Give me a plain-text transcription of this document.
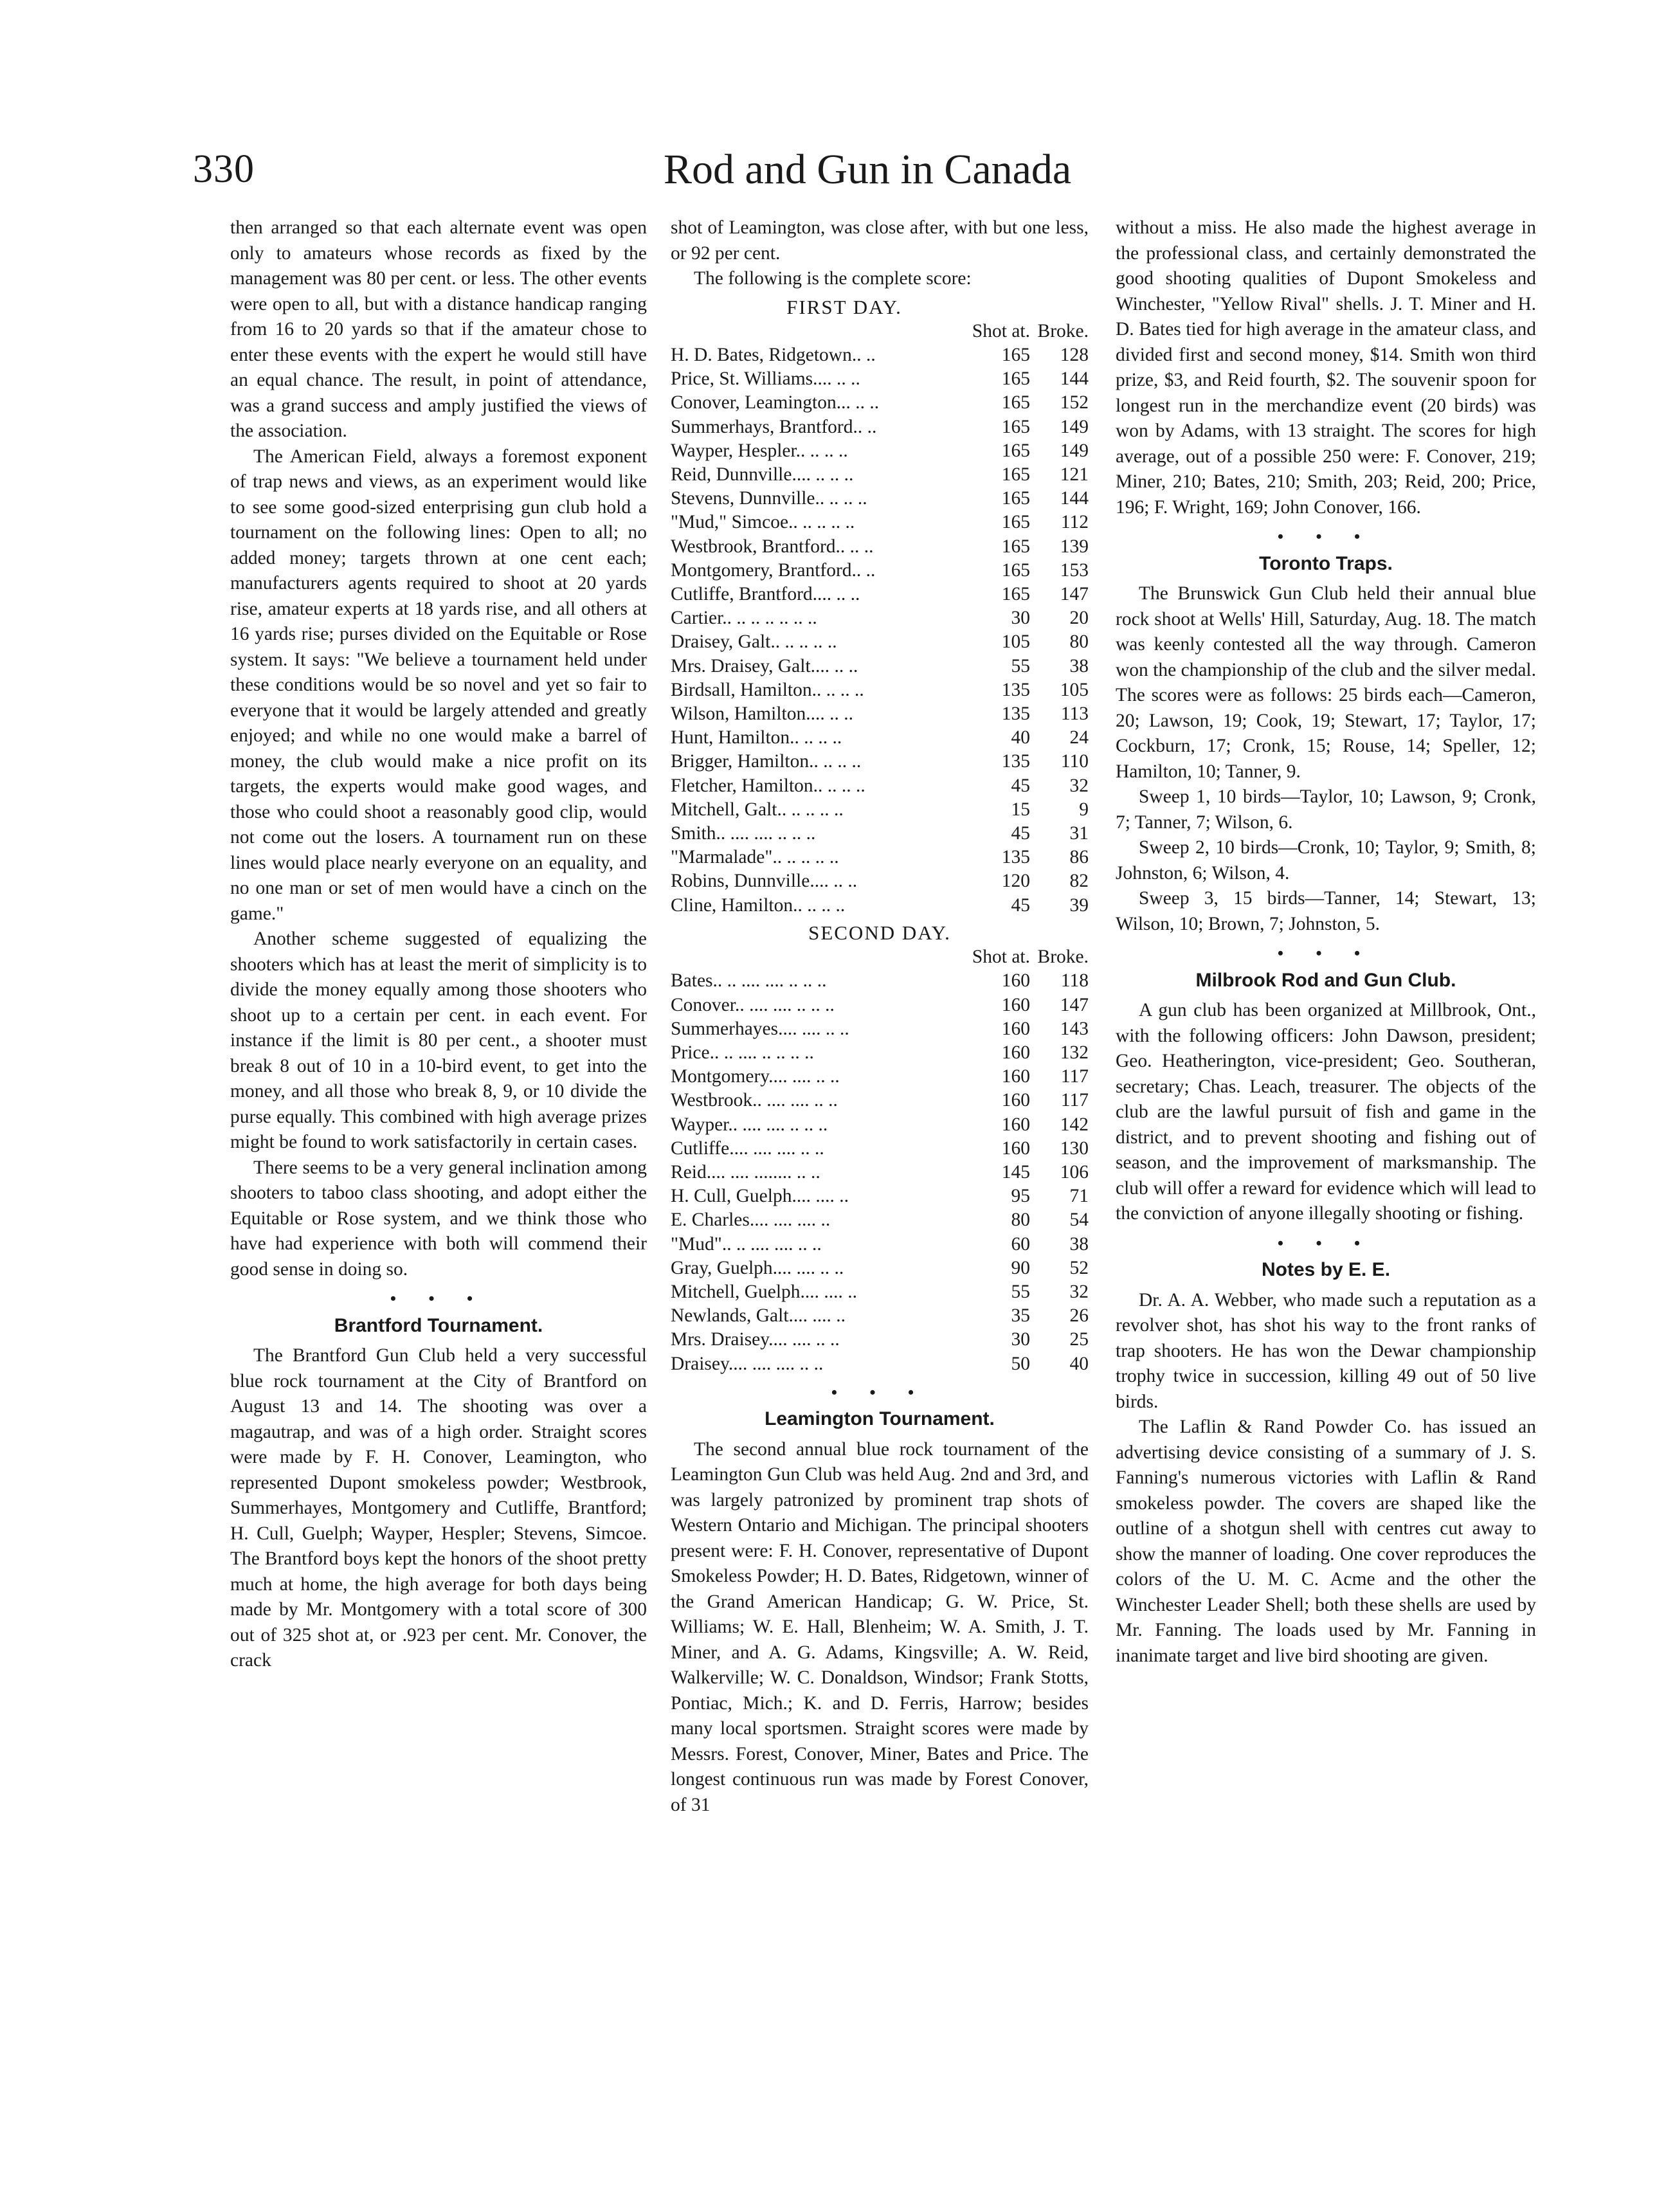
330	Rod and Gun in Canada

then arranged so that each alternate event was open only to amateurs whose records as fixed by the management was 80 per cent. or less. The other events were open to all, but with a distance handicap ranging from 16 to 20 yards so that if the amateur chose to enter these events with the expert he would still have an equal chance. The result, in point of attendance, was a grand success and amply justified the views of the association.

The American Field, always a foremost exponent of trap news and views, as an experiment would like to see some good-sized enterprising gun club hold a tournament on the following lines: Open to all; no added money; targets thrown at one cent each; manufacturers agents required to shoot at 20 yards rise, amateur experts at 18 yards rise, and all others at 16 yards rise; purses divided on the Equitable or Rose system. It says: "We believe a tournament held under these conditions would be so novel and yet so fair to everyone that it would be largely attended and greatly enjoyed; and while no one would make a barrel of money, the club would make a nice profit on its targets, the experts would make good wages, and those who could shoot a reasonably good clip, would not come out the losers. A tournament run on these lines would place nearly everyone on an equality, and no one man or set of men would have a cinch on the game."

Another scheme suggested of equalizing the shooters which has at least the merit of simplicity is to divide the money equally among those shooters who shoot up to a certain per cent. in each event. For instance if the limit is 80 per cent., a shooter must break 8 out of 10 in a 10-bird event, to get into the money, and all those who break 8, 9, or 10 divide the purse equally. This combined with high average prizes might be found to work satisfactorily in certain cases.

There seems to be a very general inclination among shooters to taboo class shooting, and adopt either the Equitable or Rose system, and we think those who have had experience with both will commend their good sense in doing so.

• • •
Brantford Tournament.

The Brantford Gun Club held a very successful blue rock tournament at the City of Brantford on August 13 and 14. The shooting was over a magautrap, and was of a high order. Straight scores were made by F. H. Conover, Leamington, who represented Dupont smokeless powder; Westbrook, Summerhayes, Montgomery and Cutliffe, Brantford; H. Cull, Guelph; Wayper, Hespler; Stevens, Simcoe. The Brantford boys kept the honors of the shoot pretty much at home, the high average for both days being made by Mr. Montgomery with a total score of 300 out of 325 shot at, or .923 per cent. Mr. Conover, the crack

shot of Leamington, was close after, with but one less, or 92 per cent.

The following is the complete score:

FIRST DAY.
	Shot at.	Broke.
H. D. Bates, Ridgetown.. ..	165	128
Price, St. Williams.... .. ..	165	144
Conover, Leamington... .. ..	165	152
Summerhays, Brantford.. ..	165	149
Wayper, Hespler.. .. .. ..	165	149
Reid, Dunnville.... .. .. ..	165	121
Stevens, Dunnville.. .. .. ..	165	144
"Mud," Simcoe.. .. .. .. ..	165	112
Westbrook, Brantford.. .. ..	165	139
Montgomery, Brantford.. ..	165	153
Cutliffe, Brantford.... .. ..	165	147
Cartier.. .. .. .. .. .. ..	30	20
Draisey, Galt.. .. .. .. ..	105	80
Mrs. Draisey, Galt.... .. ..	55	38
Birdsall, Hamilton.. .. .. ..	135	105
Wilson, Hamilton.... .. ..	135	113
Hunt, Hamilton.. .. .. ..	40	24
Brigger, Hamilton.. .. .. ..	135	110
Fletcher, Hamilton.. .. .. ..	45	32
Mitchell, Galt.. .. .. .. ..	15	9
Smith.. .... .... .. .. ..	45	31
"Marmalade".. .. .. .. ..	135	86
Robins, Dunnville.... .. ..	120	82
Cline, Hamilton.. .. .. ..	45	39
SECOND DAY.
	Shot at.	Broke.
Bates.. .. .... .... .. .. ..	160	118
Conover.. .... .... .. .. ..	160	147
Summerhayes.... .... .. ..	160	143
Price.. .. .... .. .. .. ..	160	132
Montgomery.... .... .. ..	160	117
Westbrook.. .... .... .. ..	160	117
Wayper.. .... .... .. .. ..	160	142
Cutliffe.... .... .... .. ..	160	130
Reid.... .... ........ .. ..	145	106
H. Cull, Guelph.... .... ..	95	71
E. Charles.... .... .... ..	80	54
"Mud".. .. .... .... .. ..	60	38
Gray, Guelph.... .... .. ..	90	52
Mitchell, Guelph.... .... ..	55	32
Newlands, Galt.... .... ..	35	26
Mrs. Draisey.... .... .. ..	30	25
Draisey.... .... .... .. ..	50	40
• • •
Leamington Tournament.

The second annual blue rock tournament of the Leamington Gun Club was held Aug. 2nd and 3rd, and was largely patronized by prominent trap shots of Western Ontario and Michigan. The principal shooters present were: F. H. Conover, representative of Dupont Smokeless Powder; H. D. Bates, Ridgetown, winner of the Grand American Handicap; G. W. Price, St. Williams; W. E. Hall, Blenheim; W. A. Smith, J. T. Miner, and A. G. Adams, Kingsville; A. W. Reid, Walkerville; W. C. Donaldson, Windsor; Frank Stotts, Pontiac, Mich.; K. and D. Ferris, Harrow; besides many local sportsmen. Straight scores were made by Messrs. Forest, Conover, Miner, Bates and Price. The longest continuous run was made by Forest Conover, of 31

without a miss. He also made the highest average in the professional class, and certainly demonstrated the good shooting qualities of Dupont Smokeless and Winchester, "Yellow Rival" shells. J. T. Miner and H. D. Bates tied for high average in the amateur class, and divided first and second money, $14. Smith won third prize, $3, and Reid fourth, $2. The souvenir spoon for longest run in the merchandize event (20 birds) was won by Adams, with 13 straight. The scores for high average, out of a possible 250 were: F. Conover, 219; Miner, 210; Bates, 210; Smith, 203; Reid, 200; Price, 196; F. Wright, 169; John Conover, 166.

• • •
Toronto Traps.

The Brunswick Gun Club held their annual blue rock shoot at Wells' Hill, Saturday, Aug. 18. The match was keenly contested all the way through. Cameron won the championship of the club and the silver medal. The scores were as follows: 25 birds each—Cameron, 20; Lawson, 19; Cook, 19; Stewart, 17; Taylor, 17; Cockburn, 17; Cronk, 15; Rouse, 14; Speller, 12; Hamilton, 10; Tanner, 9.

Sweep 1, 10 birds—Taylor, 10; Lawson, 9; Cronk, 7; Tanner, 7; Wilson, 6.

Sweep 2, 10 birds—Cronk, 10; Taylor, 9; Smith, 8; Johnston, 6; Wilson, 4.

Sweep 3, 15 birds—Tanner, 14; Stewart, 13; Wilson, 10; Brown, 7; Johnston, 5.

• • •
Milbrook Rod and Gun Club.

A gun club has been organized at Millbrook, Ont., with the following officers: John Dawson, president; Geo. Heatherington, vice-president; Geo. Southeran, secretary; Chas. Leach, treasurer. The objects of the club are the lawful pursuit of fish and game in the district, and to prevent shooting and fishing out of season, and the improvement of marksmanship. The club will offer a reward for evidence which will lead to the conviction of anyone illegally shooting or fishing.

• • •
Notes by E. E.

Dr. A. A. Webber, who made such a reputation as a revolver shot, has shot his way to the front ranks of trap shooters. He has won the Dewar championship trophy twice in succession, killing 49 out of 50 live birds.

The Laflin & Rand Powder Co. has issued an advertising device consisting of a summary of J. S. Fanning's numerous victories with Laflin & Rand smokeless powder. The covers are shaped like the outline of a shotgun shell with centres cut away to show the manner of loading. One cover reproduces the colors of the U. M. C. Acme and the other the Winchester Leader Shell; both these shells are used by Mr. Fanning. The loads used by Mr. Fanning in inanimate target and live bird shooting are given.
